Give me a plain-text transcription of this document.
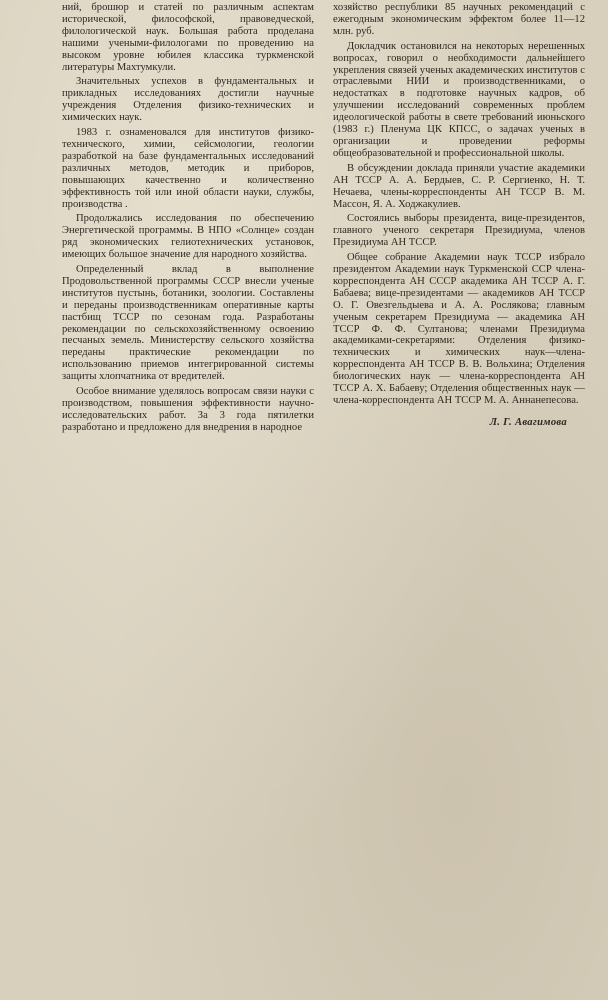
ний, брошюр и статей по различным аспектам исторической, философской, правоведческой, филологической наук. Большая работа проделана нашими учеными-филологами по проведению на высоком уровне юбилея классика туркменской литературы Махтумкули.

Значительных успехов в фундаментальных и прикладных исследованиях достигли научные учреждения Отделения физико-технических и химических наук.

1983 г. ознаменовался для институтов физико-технического, химии, сейсмологии, геологии разработкой на базе фундаментальных исследований различных методов, методик и приборов, повышающих качественно и количественно эффективность той или иной области науки, службы, производства .

Продолжались исследования по обеспечению Энергетической программы. В НПО «Солнце» создан ряд экономических гелиотехнических установок, имеющих большое значение для народного хозяйства.

Определенный вклад в выполнение Продовольственной программы СССР внесли ученые институтов пустынь, ботаники, зоологии. Составлены и переданы производственникам оперативные карты пастбищ ТССР по сезонам года. Разработаны рекомендации по сельскохозяйственному освоению песчаных земель. Министерству сельского хозяйства переданы практические рекомендации по использованию приемов интегрированной системы защиты хлопчатника от вредителей.

Особое внимание уделялось вопросам связи науки с производством, повышения эффективности научно-исследовательских работ. За 3 года пятилетки разработано и предложено для внедрения в народное

хозяйство республики 85 научных рекомендаций с ежегодным экономическим эффектом более 11—12 млн. руб.

Докладчик остановился на некоторых нерешенных вопросах, говорил о необходимости дальнейшего укрепления связей ученых академических институтов с отраслевыми НИИ и производственниками, о недостатках в подготовке научных кадров, об улучшении исследований современных проблем идеологической работы в свете требований июньского (1983 г.) Пленума ЦК КПСС, о задачах ученых в организации и проведении реформы общеобразовательной и профессиональной школы.

В обсуждении доклада приняли участие академики АН ТССР А. А. Бердыев, С. Р. Сергиенко, Н. Т. Нечаева, члены-корреспонденты АН ТССР В. М. Массон, Я. А. Ходжакулиев.

Состоялись выборы президента, вице-президентов, главного ученого секретаря Президиума, членов Президиума АН ТССР.

Общее собрание Академии наук ТССР избрало президентом Академии наук Туркменской ССР члена-корреспондента АН СССР академика АН ТССР А. Г. Бабаева; вице-президентами — академиков АН ТССР О. Г. Овезгельдыева и А. А. Рослякова; главным ученым секретарем Президиума — академика АН ТССР Ф. Ф. Султанова; членами Президиума академиками-секретарями: Отделения физико-технических и химических наук—члена-корреспондента АН ТССР В. В. Вольхина; Отделения биологических наук — члена-корреспондента АН ТССР А. Х. Бабаеву; Отделения общественных наук — члена-корреспондента АН ТССР М. А. Аннанепесова.

Л. Г. Авагимова
